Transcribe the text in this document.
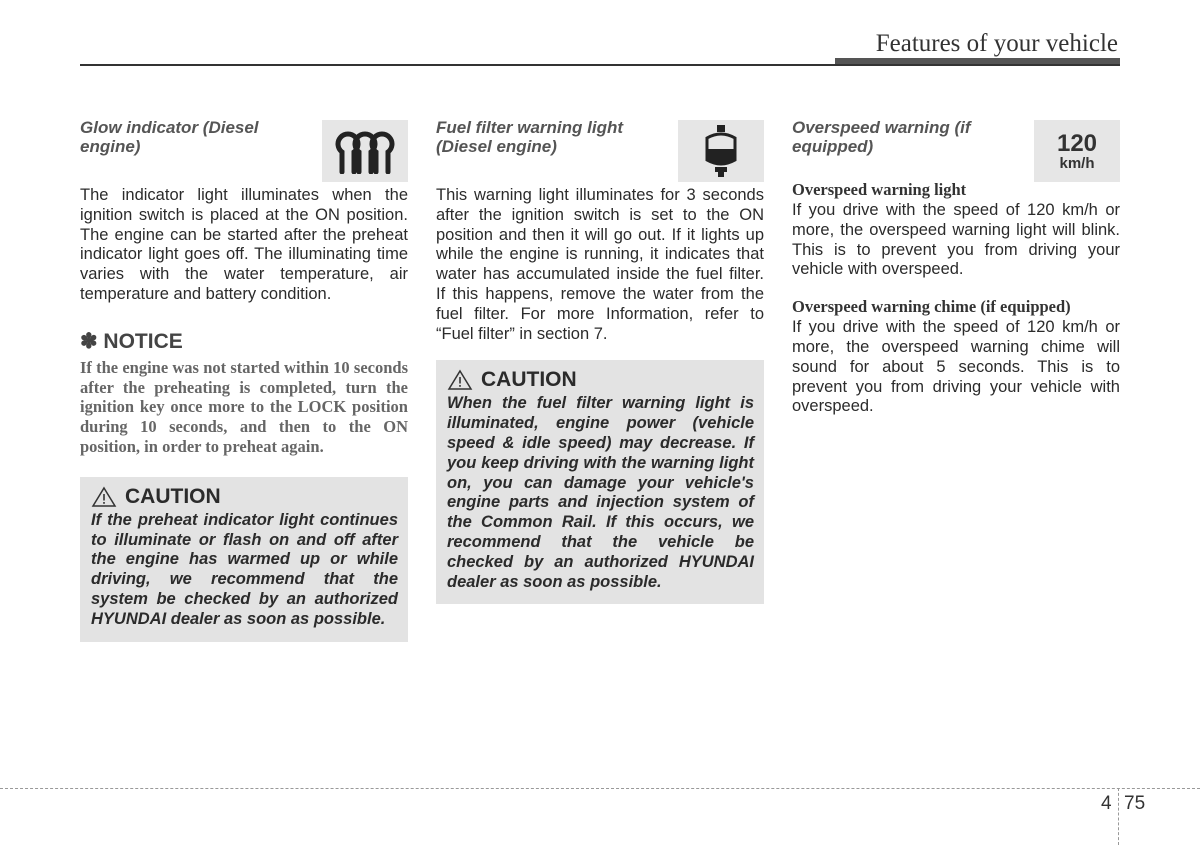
Features of your vehicle
Glow indicator (Diesel engine)

The indicator light illuminates when the ignition switch is placed at the ON position. The engine can be started after the preheat indicator light goes off. The illuminating time varies with the water temperature, air temperature and battery condition.

✽ NOTICE

If the engine was not started within 10 seconds after the preheating is completed, turn the ignition key once more to the LOCK position during 10 seconds, and then to the ON position, in order to preheat again.

CAUTION

If the preheat indicator light continues to illuminate or flash on and off after the engine has warmed up or while driving, we recommend that the system be checked by an authorized HYUNDAI dealer as soon as possible.

Fuel filter warning light (Diesel engine)

This warning light illuminates for 3 seconds after the ignition switch is set to the ON position and then it will go out. If it lights up while the engine is running, it indicates that water has accumulated inside the fuel filter. If this happens, remove the water from the fuel filter. For more Information, refer to “Fuel filter” in section 7.

CAUTION

When the fuel filter warning light is illuminated, engine power (vehicle speed & idle speed) may decrease. If you keep driving with the warning light on, you can damage your vehicle's engine parts and injection system of the Common Rail. If this occurs, we recommend that the vehicle be checked by an authorized HYUNDAI dealer as soon as possible.

Overspeed warning (if equipped)	120
km/h
Overspeed warning light

If you drive with the speed of 120 km/h or more, the overspeed warning light will blink. This is to prevent you from driving your vehicle with overspeed.

Overspeed warning chime (if equipped)

If you drive with the speed of 120 km/h or more, the overspeed warning chime will sound for about 5 seconds. This is to prevent you from driving your vehicle with overspeed.

4 75
